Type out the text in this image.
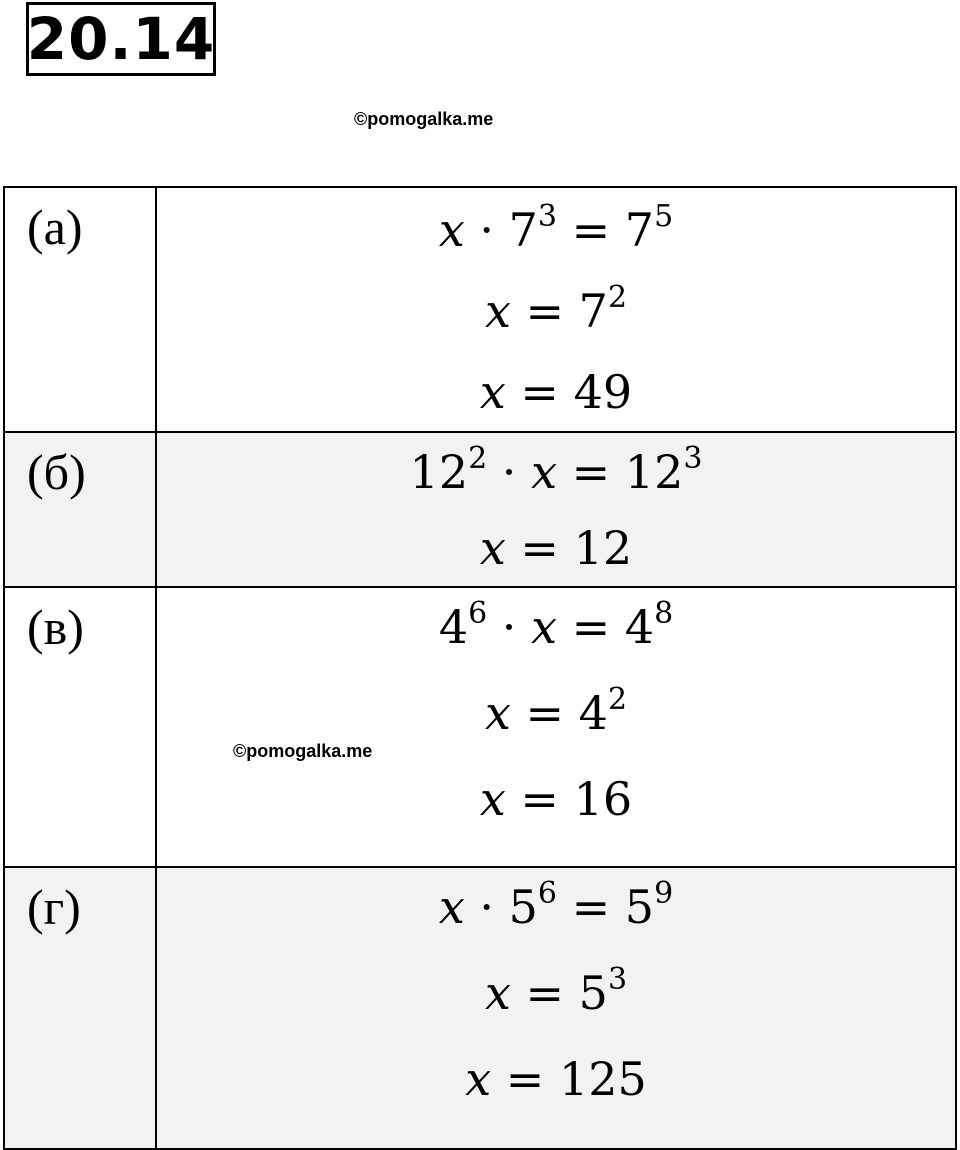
20.14
©pomogalka.me
(а)	$x \cdot 7^3 = 7^5$
$x = 7^2$
x = 49

(б)	$12^2 \cdot x = 12^3$
x = 12

(в)	$4^6 \cdot x = 4^8$
$x = 4^2$
x = 16

(г)	$x \cdot 5^6 = 5^9$
$x = 5^3$
x = 125
©pomogalka.me
